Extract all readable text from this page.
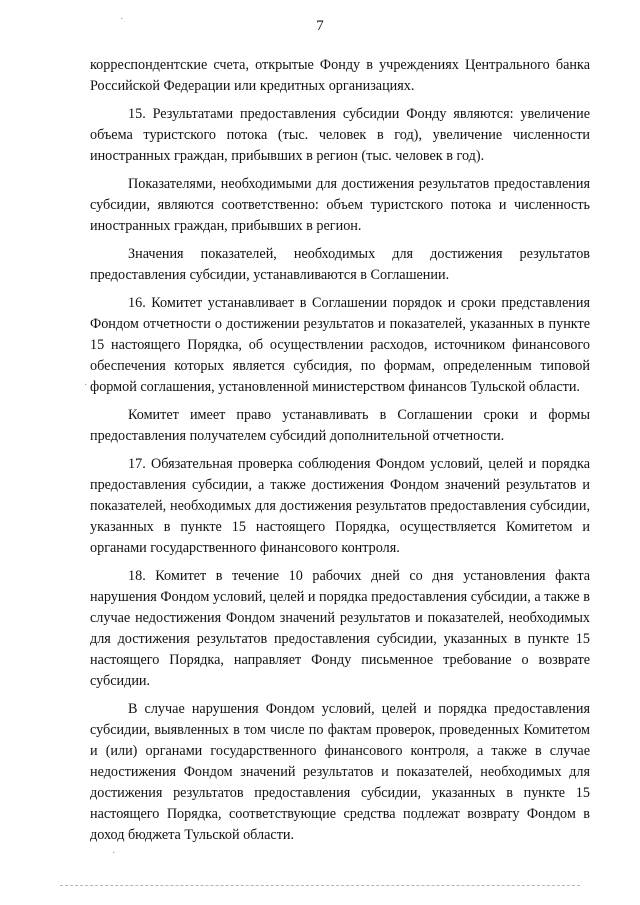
7
·
·
·

корреспондентские счета, открытые Фонду в учреждениях Центрального банка Российской Федерации или кредитных организациях.

15. Результатами предоставления субсидии Фонду являются: увеличение объема туристского потока (тыс. человек в год), увеличение численности иностранных граждан, прибывших в регион (тыс. человек в год).

Показателями, необходимыми для достижения результатов предоставления субсидии, являются соответственно: объем туристского потока и численность иностранных граждан, прибывших в регион.

Значения показателей, необходимых для достижения результатов предоставления субсидии, устанавливаются в Соглашении.

16. Комитет устанавливает в Соглашении порядок и сроки представления Фондом отчетности о достижении результатов и показателей, указанных в пункте 15 настоящего Порядка, об осуществлении расходов, источником финансового обеспечения которых является субсидия, по формам, определенным типовой формой соглашения, установленной министерством финансов Тульской области.

Комитет имеет право устанавливать в Соглашении сроки и формы предоставления получателем субсидий дополнительной отчетности.

17. Обязательная проверка соблюдения Фондом условий, целей и порядка предоставления субсидии, а также достижения Фондом значений результатов и показателей, необходимых для достижения результатов предоставления субсидии, указанных в пункте 15 настоящего Порядка, осуществляется Комитетом и органами государственного финансового контроля.

18. Комитет в течение 10 рабочих дней со дня установления факта нарушения Фондом условий, целей и порядка предоставления субсидии, а также в случае недостижения Фондом значений результатов и показателей, необходимых для достижения результатов предоставления субсидии, указанных в пункте 15 настоящего Порядка, направляет Фонду письменное требование о возврате субсидии.

В случае нарушения Фондом условий, целей и порядка предоставления субсидии, выявленных в том числе по фактам проверок, проведенных Комитетом и (или) органами государственного финансового контроля, а также в случае недостижения Фондом значений результатов и показателей, необходимых для достижения результатов предоставления субсидии, указанных в пункте 15 настоящего Порядка, соответствующие средства подлежат возврату Фондом в доход бюджета Тульской области.
